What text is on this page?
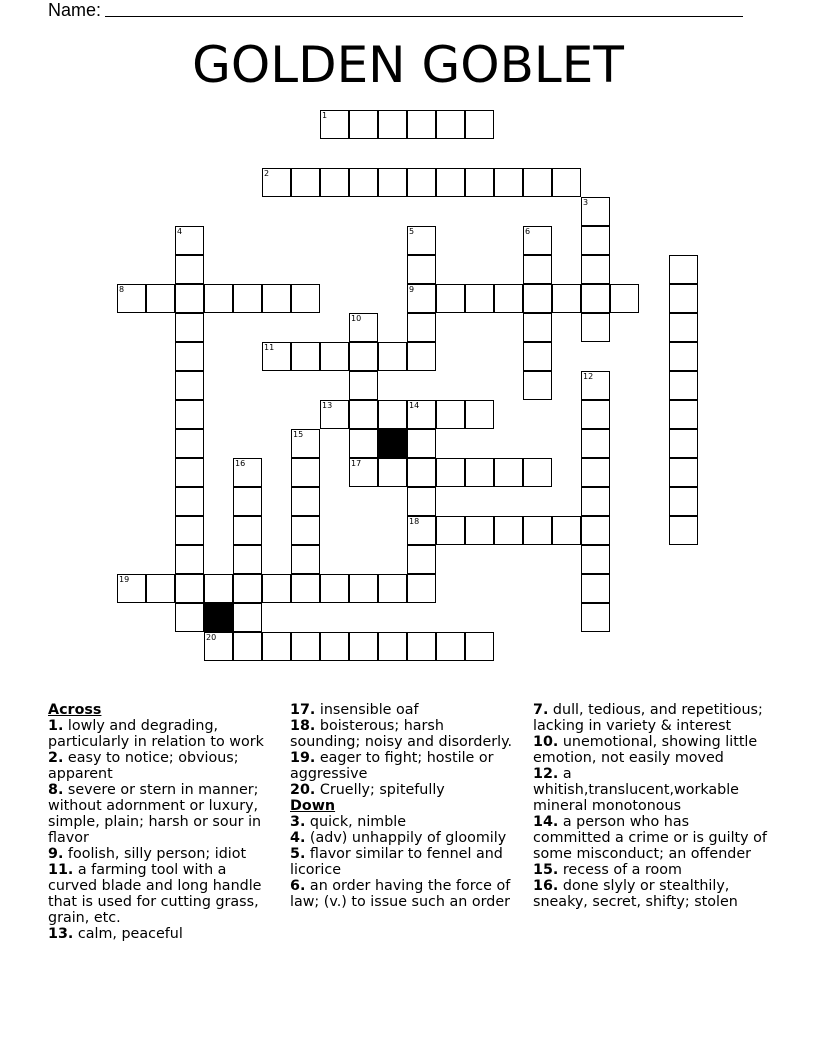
Name:
GOLDEN GOBLET
1
2
3
4	5	6
8	9
10
11
12
13	14
15
16	17
18
19
20
Across
1. lowly and degrading, particularly in relation to work
2. easy to notice; obvious; apparent
8. severe or stern in manner; without adornment or luxury, simple, plain; harsh or sour in flavor
9. foolish, silly person; idiot
11. a farming tool with a curved blade and long handle that is used for cutting grass, grain, etc.
13. calm, peaceful
17. insensible oaf
18. boisterous; harsh sounding; noisy and disorderly.
19. eager to fight; hostile or aggressive
20. Cruelly; spitefully
Down
3. quick, nimble
4. (adv) unhappily of gloomily
5. flavor similar to fennel and licorice
6. an order having the force of law; (v.) to issue such an order
7. dull, tedious, and repetitious; lacking in variety & interest
10. unemotional, showing little emotion, not easily moved
12. a whitish,translucent,workable mineral monotonous
14. a person who has committed a crime or is guilty of some misconduct; an offender
15. recess of a room
16. done slyly or stealthily, sneaky, secret, shifty; stolen
